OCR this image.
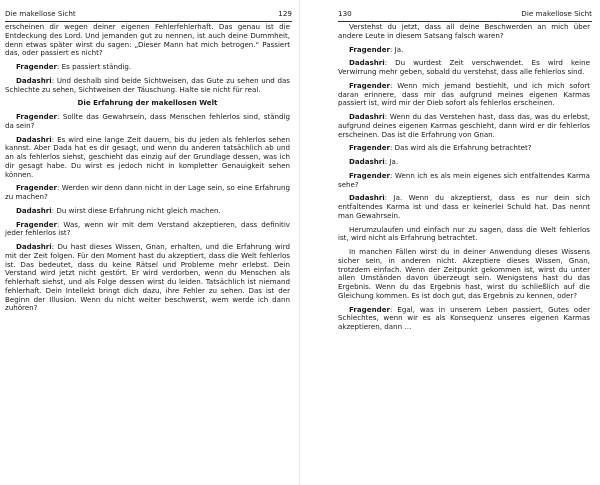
Die makellose Sicht	129

erscheinen dir wegen deiner eigenen Fehlerfehlerhaft. Das genau ist die Entdeckung des Lord. Und jemanden gut zu nennen, ist auch deine Dummheit, denn etwas später wirst du sagen: „Dieser Mann hat mich betrogen.“ Passiert das, oder passiert es nicht?

Fragender: Es passiert ständig.

Dadashri: Und deshalb sind beide Sichtweisen, das Gute zu sehen und das Schlechte zu sehen, Sichtweisen der Täuschung. Halte sie nicht für real.

Die Erfahrung der makellosen Welt

Fragender: Sollte das Gewahrsein, dass Menschen fehlerlos sind, ständig da sein?

Dadashri: Es wird eine lange Zeit dauern, bis du jeden als fehlerlos sehen kannst. Aber Dada hat es dir gesagt, und wenn du anderen tatsächlich ab und an als fehlerlos siehst, geschieht das einzig auf der Grundlage dessen, was ich dir gesagt habe. Du wirst es jedoch nicht in kompletter Genauigkeit sehen können.

Fragender: Werden wir denn dann nicht in der Lage sein, so eine Erfahrung zu machen?

Dadashri: Du wirst diese Erfahrung nicht gleich machen.

Fragender: Was, wenn wir mit dem Verstand akzeptieren, dass definitiv jeder fehlerlos ist?

Dadashri: Du hast dieses Wissen, Gnan, erhalten, und die Erfahrung wird mit der Zeit folgen. Für den Moment hast du akzeptiert, dass die Welt fehlerlos ist. Das bedeutet, dass du keine Rätsel und Probleme mehr erlebst. Dein Verstand wird jetzt nicht gestört. Er wird verdorben, wenn du Menschen als fehlerhaft siehst, und als Folge dessen wirst du leiden. Tatsächlich ist niemand fehlerhaft. Dein Intellekt bringt dich dazu, ihre Fehler zu sehen. Das ist der Beginn der Illusion. Wenn du nicht weiter beschwerst, wem werde ich dann zuhören?

130	Die makellose Sicht

Verstehst du jetzt, dass all deine Beschwerden an mich über andere Leute in diesem Satsang falsch waren?

Fragender: Ja.

Dadashri: Du wurdest Zeit verschwendet. Es wird keine Verwirrung mehr geben, sobald du verstehst, dass alle fehlerlos sind.

Fragender: Wenn mich jemand bestiehlt, und ich mich sofort daran erinnere, dass mir das aufgrund meines eigenen Karmas passiert ist, wird mir der Dieb sofort als fehlerlos erscheinen.

Dadashri: Wenn du das Verstehen hast, dass das, was du erlebst, aufgrund deines eigenen Karmas geschieht, dann wird er dir fehlerlos erscheinen. Das ist die Erfahrung von Gnan.

Fragender: Das wird als die Erfahrung betrachtet?

Dadashri: Ja.

Fragender: Wenn ich es als mein eigenes sich entfaltendes Karma sehe?

Dadashri: Ja. Wenn du akzeptierst, dass es nur dein sich entfaltendes Karma ist und dass er keinerlei Schuld hat. Das nennt man Gewahrsein.

Herumzulaufen und einfach nur zu sagen, dass die Welt fehlerlos ist, wird nicht als Erfahrung betrachtet.

In manchen Fällen wirst du in deiner Anwendung dieses Wissens sicher sein, in anderen nicht. Akzeptiere dieses Wissen, Gnan, trotzdem einfach. Wenn der Zeitpunkt gekommen ist, wirst du unter allen Umständen davon überzeugt sein. Wenigstens hast du das Ergebnis. Wenn du das Ergebnis hast, wirst du schließlich auf die Gleichung kommen. Es ist doch gut, das Ergebnis zu kennen, oder?

Fragender: Egal, was in unserem Leben passiert, Gutes oder Schlechtes, wenn wir es als Konsequenz unseres eigenen Karmas akzeptieren, dann …
